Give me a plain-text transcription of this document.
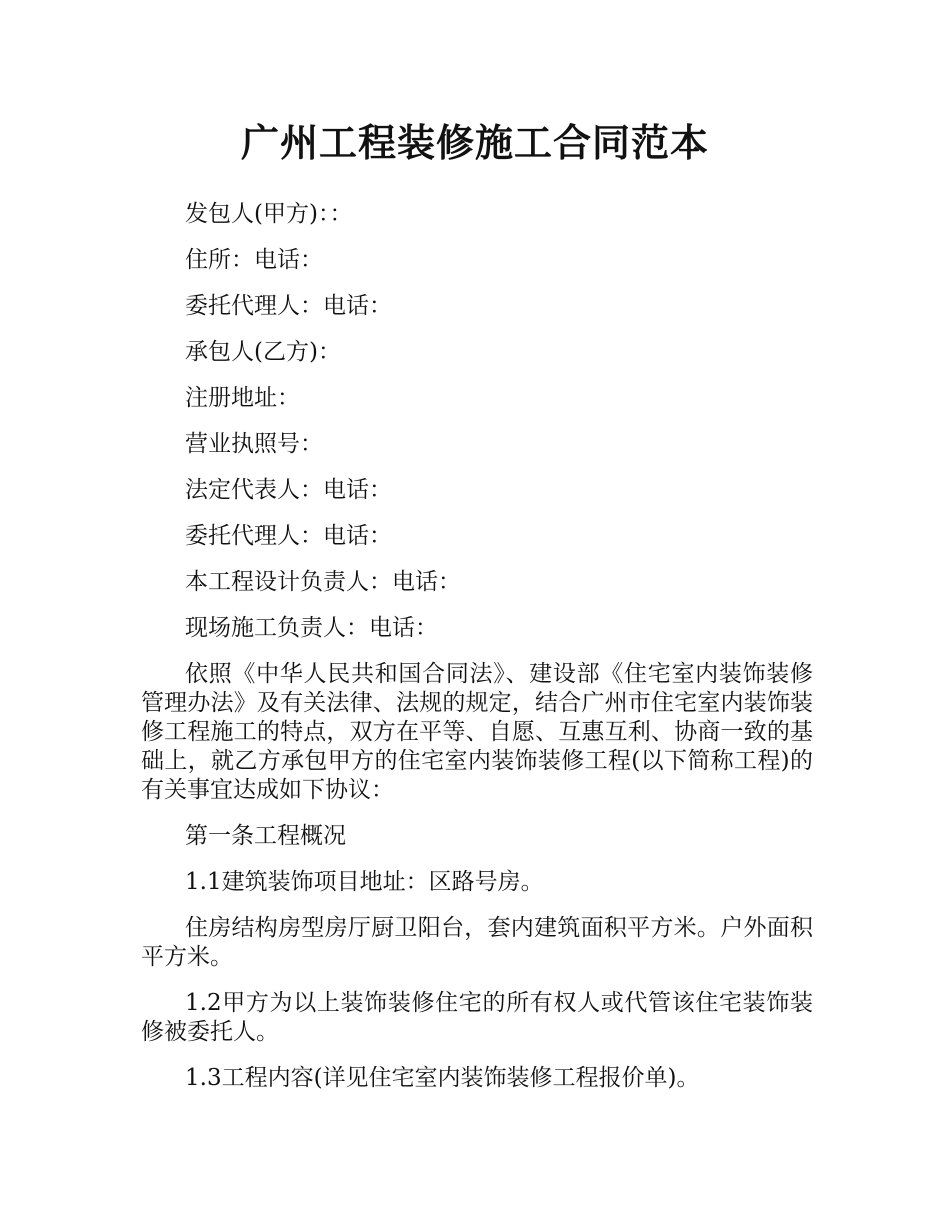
广州工程装修施工合同范本

发包人(甲方)：：

住所：电话：

委托代理人：电话：

承包人(乙方)：

注册地址：

营业执照号：

法定代表人：电话：

委托代理人：电话：

本工程设计负责人：电话：

现场施工负责人：电话：

依照《中华人民共和国合同法》、建设部《住宅室内装饰装修管理办法》及有关法律、法规的规定，结合广州市住宅室内装饰装修工程施工的特点，双方在平等、自愿、互惠互利、协商一致的基础上，就乙方承包甲方的住宅室内装饰装修工程(以下简称工程)的有关事宜达成如下协议：

第一条工程概况

1.1建筑装饰项目地址：区路号房。

住房结构房型房厅厨卫阳台，套内建筑面积平方米。户外面积平方米。

1.2甲方为以上装饰装修住宅的所有权人或代管该住宅装饰装修被委托人。

1.3工程内容(详见住宅室内装饰装修工程报价单)。
